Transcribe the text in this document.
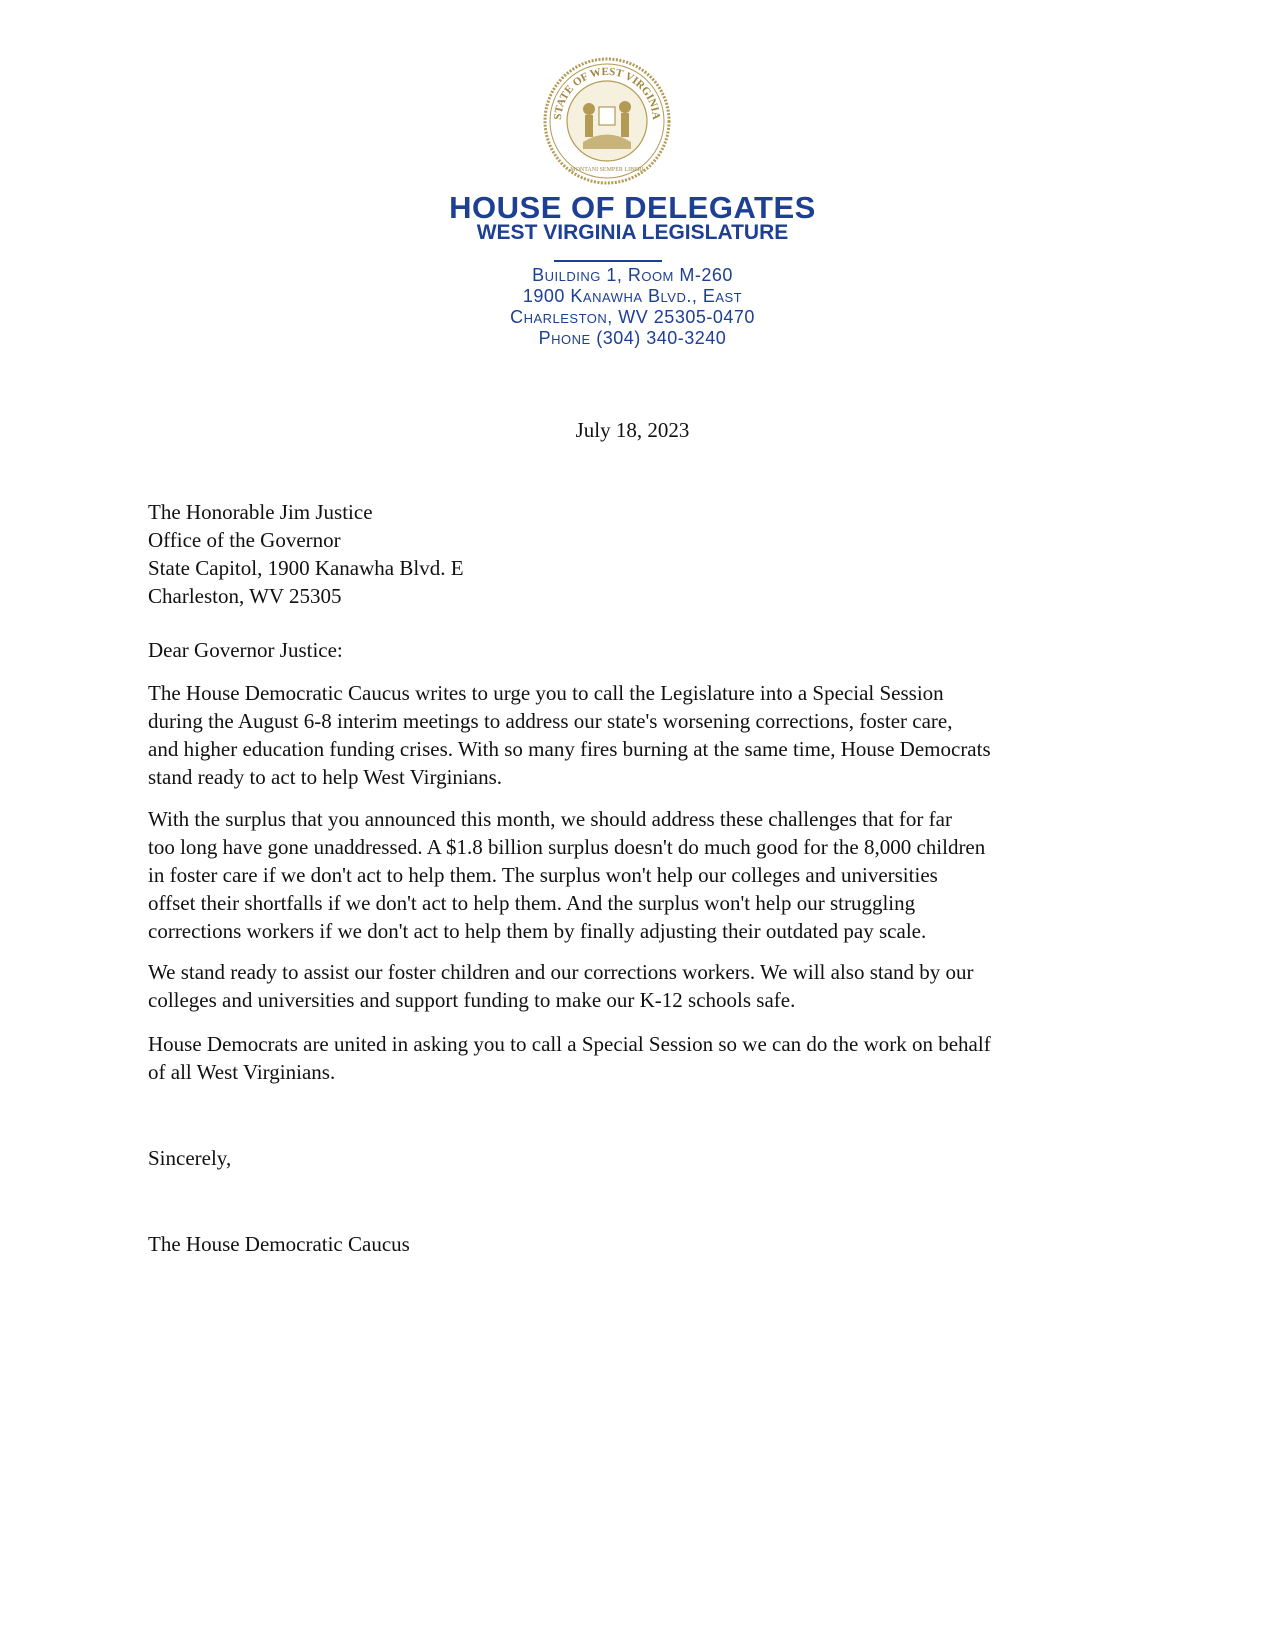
STATE OF WEST VIRGINIA
MONTANI SEMPER LIBERI
HOUSE OF DELEGATES
WEST VIRGINIA LEGISLATURE
Building 1, Room M-260
1900 Kanawha Blvd., East
Charleston, WV 25305-0470
Phone (304) 340-3240
July 18, 2023
The Honorable Jim Justice
Office of the Governor
State Capitol, 1900 Kanawha Blvd. E
Charleston, WV 25305
Dear Governor Justice:
The House Democratic Caucus writes to urge you to call the Legislature into a Special Session
during the August 6-8 interim meetings to address our state's worsening corrections, foster care,
and higher education funding crises. With so many fires burning at the same time, House Democrats
stand ready to act to help West Virginians.
With the surplus that you announced this month, we should address these challenges that for far
too long have gone unaddressed. A $1.8 billion surplus doesn't do much good for the 8,000 children
in foster care if we don't act to help them. The surplus won't help our colleges and universities
offset their shortfalls if we don't act to help them. And the surplus won't help our struggling
corrections workers if we don't act to help them by finally adjusting their outdated pay scale.
We stand ready to assist our foster children and our corrections workers. We will also stand by our
colleges and universities and support funding to make our K-12 schools safe.
House Democrats are united in asking you to call a Special Session so we can do the work on behalf
of all West Virginians.
Sincerely,
The House Democratic Caucus
